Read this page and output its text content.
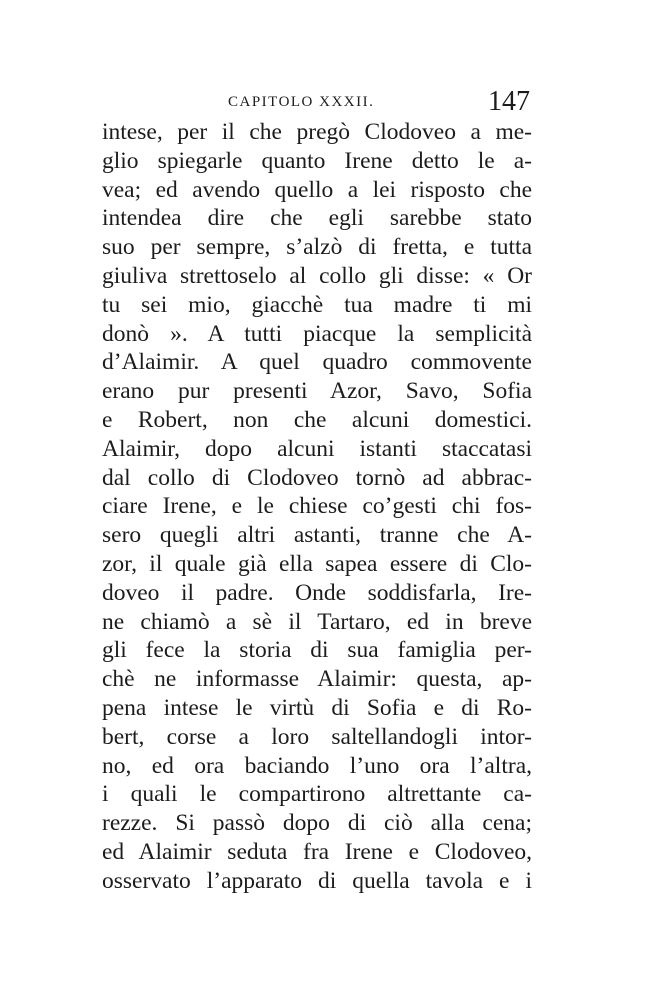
CAPITOLO XXXII.	147
intese, per il che pregò Clodoveo a me-
glio spiegarle quanto Irene detto le a-
vea; ed avendo quello a lei risposto che
intendea dire che egli sarebbe stato
suo per sempre, s’alzò di fretta, e tutta
giuliva strettoselo al collo gli disse: « Or
tu sei mio, giacchè tua madre ti mi
donò ». A tutti piacque la semplicità
d’Alaimir. A quel quadro commovente
erano pur presenti Azor, Savo, Sofia
e Robert, non che alcuni domestici.
Alaimir, dopo alcuni istanti staccatasi
dal collo di Clodoveo tornò ad abbrac-
ciare Irene, e le chiese co’gesti chi fos-
sero quegli altri astanti, tranne che A-
zor, il quale già ella sapea essere di Clo-
doveo il padre. Onde soddisfarla, Ire-
ne chiamò a sè il Tartaro, ed in breve
gli fece la storia di sua famiglia per-
chè ne informasse Alaimir: questa, ap-
pena intese le virtù di Sofia e di Ro-
bert, corse a loro saltellandogli intor-
no, ed ora baciando l’uno ora l’altra,
i quali le compartirono altrettante ca-
rezze. Si passò dopo di ciò alla cena;
ed Alaimir seduta fra Irene e Clodoveo,
osservato l’apparato di quella tavola e i
